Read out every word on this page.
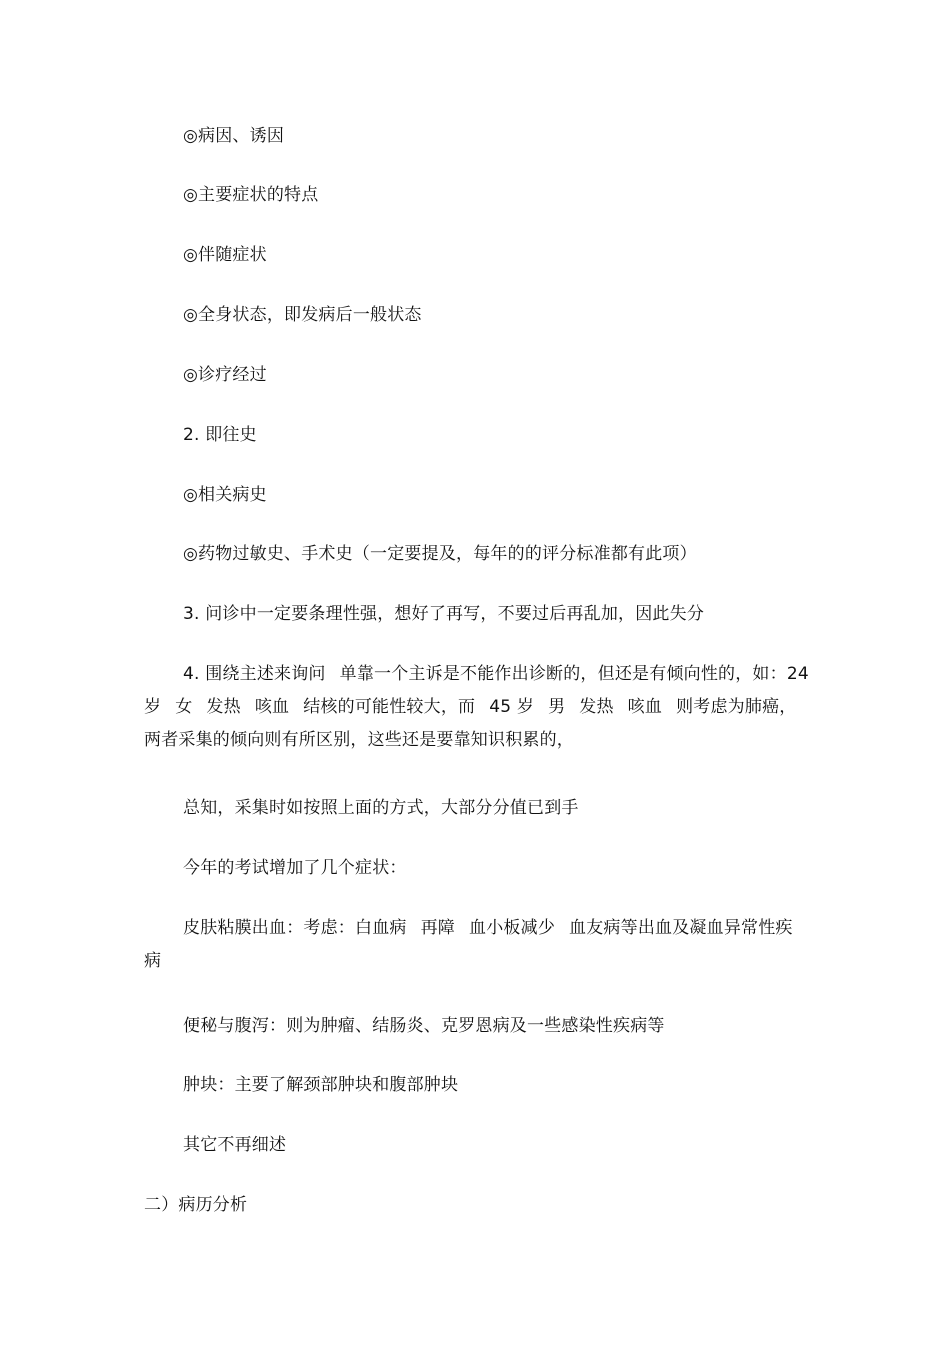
◎病因、诱因
◎主要症状的特点
◎伴随症状
◎全身状态，即发病后一般状态
◎诊疗经过
2. 即往史
◎相关病史
◎药物过敏史、手术史（一定要提及，每年的的评分标准都有此项）
3. 问诊中一定要条理性强，想好了再写，不要过后再乱加，因此失分
4. 围绕主述来询问 单靠一个主诉是不能作出诊断的，但还是有倾向性的，如：24 岁 女 发热 咳血 结核的可能性较大，而 45 岁 男 发热 咳血 则考虑为肺癌，两者采集的倾向则有所区别，这些还是要靠知识积累的，
总知，采集时如按照上面的方式，大部分分值已到手
今年的考试增加了几个症状：
皮肤粘膜出血：考虑：白血病 再障 血小板减少 血友病等出血及凝血异常性疾病
便秘与腹泻：则为肿瘤、结肠炎、克罗恩病及一些感染性疾病等
肿块：主要了解颈部肿块和腹部肿块
其它不再细述
二）病历分析
